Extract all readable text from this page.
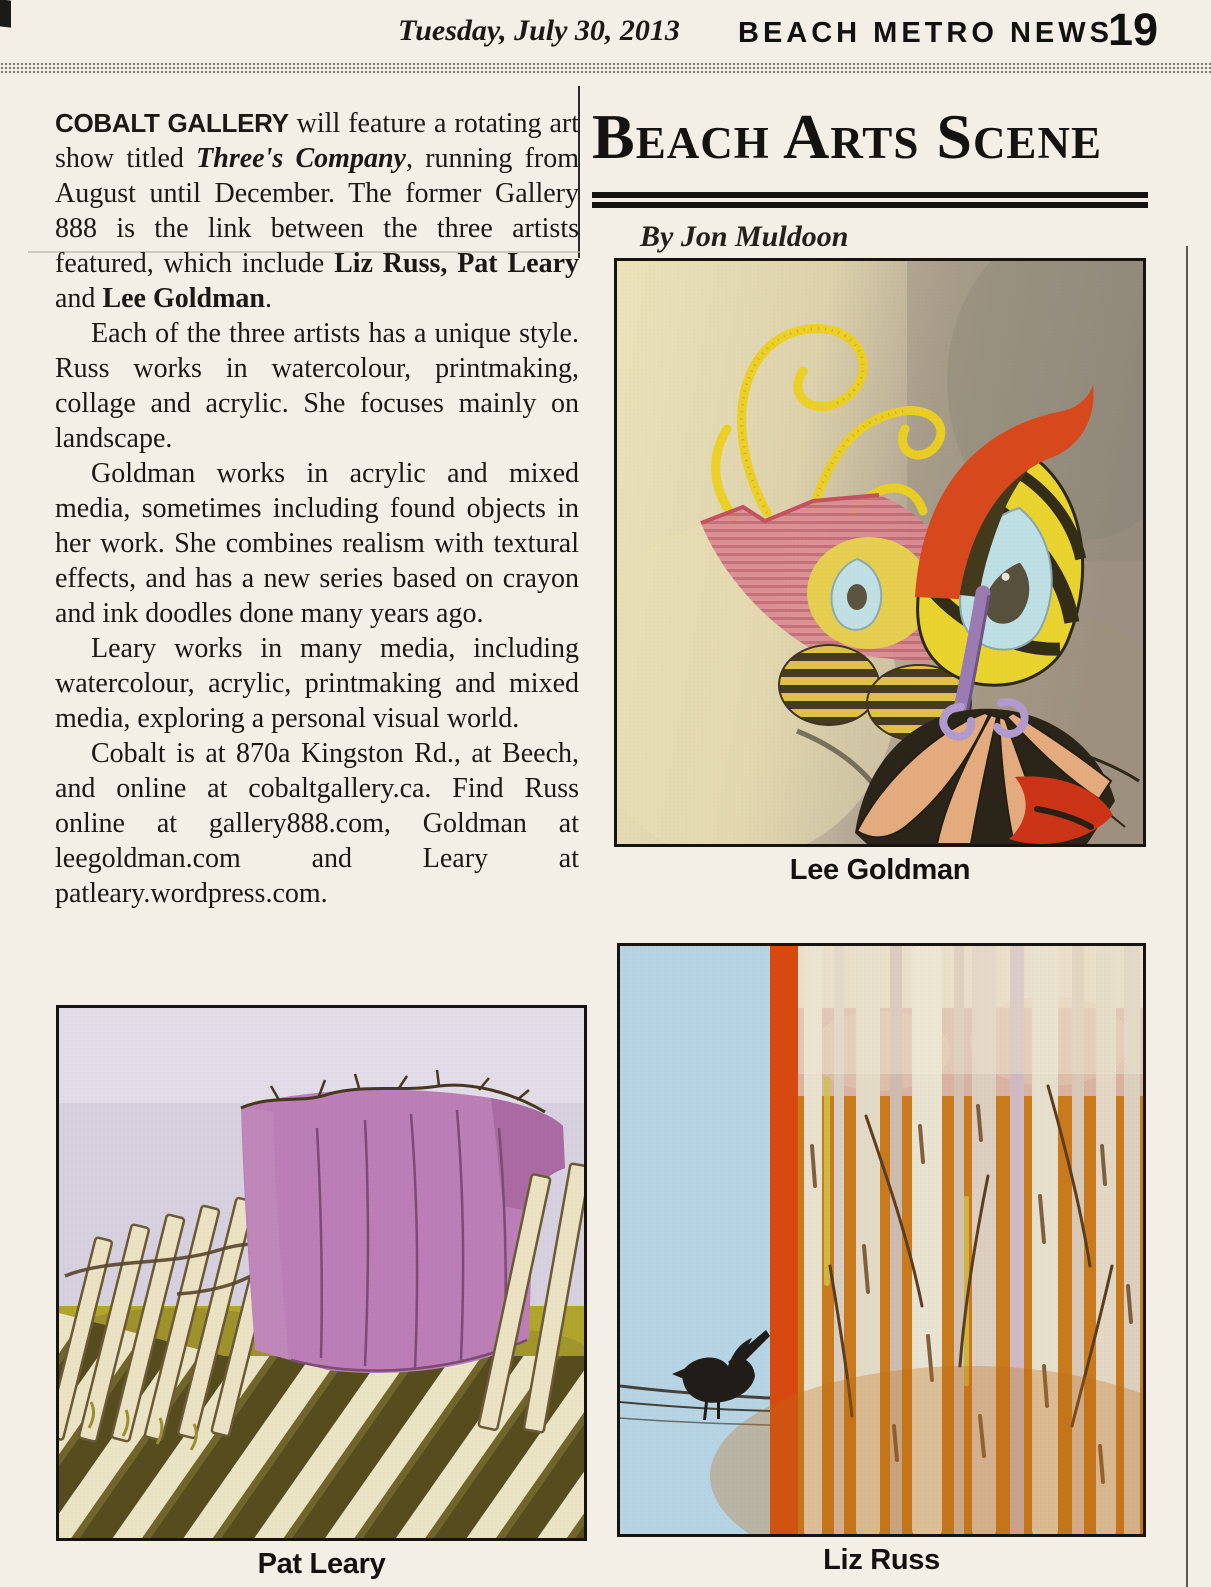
Tuesday, July 30, 2013 BEACH METRO NEWS
19

COBALT GALLERY will feature a rotating art show titled Three's Company, running from August until December. The former Gallery 888 is the link between the three artists featured, which include Liz Russ, Pat Leary and Lee Goldman.

Each of the three artists has a unique style. Russ works in watercolour, printmaking, collage and acrylic. She focuses mainly on landscape.

Goldman works in acrylic and mixed media, sometimes including found objects in her work. She combines realism with textural effects, and has a new series based on crayon and ink doodles done many years ago.

Leary works in many media, including watercolour, acrylic, printmaking and mixed media, exploring a personal visual world.

Cobalt is at 870a Kingston Rd., at Beech, and online at cobaltgallery.ca. Find Russ online at gallery888.com, Goldman at leegoldman.com and Leary at patleary.wordpress.com.

Beach Arts Scene
By Jon Muldoon
Lee Goldman
Liz Russ
Pat Leary
